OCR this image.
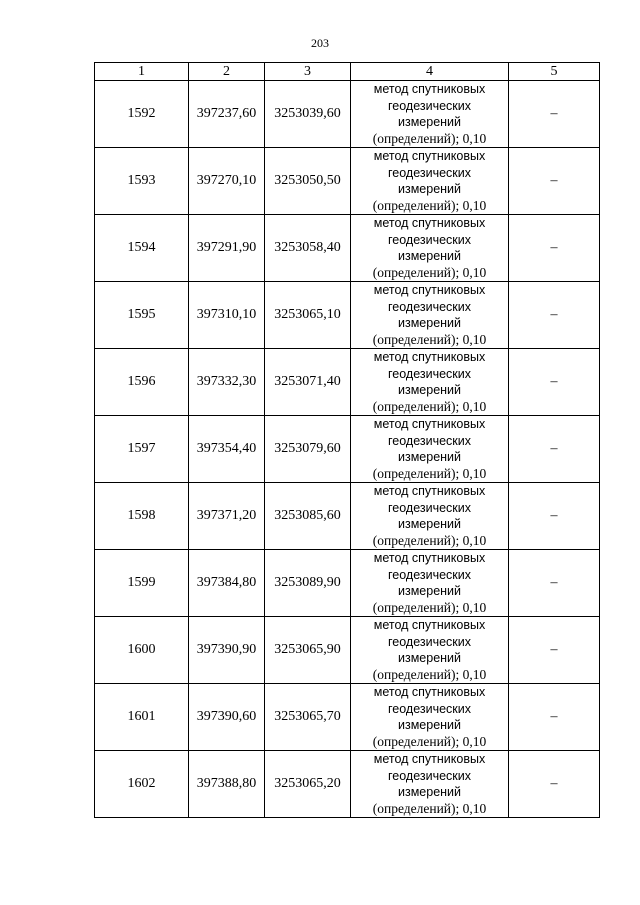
203
1	2	3	4	5
1592	397237,60	3253039,60	метод спутниковых
геодезических
измерений
(определений); 0,10	–
1593	397270,10	3253050,50	метод спутниковых
геодезических
измерений
(определений); 0,10	–
1594	397291,90	3253058,40	метод спутниковых
геодезических
измерений
(определений); 0,10	–
1595	397310,10	3253065,10	метод спутниковых
геодезических
измерений
(определений); 0,10	–
1596	397332,30	3253071,40	метод спутниковых
геодезических
измерений
(определений); 0,10	–
1597	397354,40	3253079,60	метод спутниковых
геодезических
измерений
(определений); 0,10	–
1598	397371,20	3253085,60	метод спутниковых
геодезических
измерений
(определений); 0,10	–
1599	397384,80	3253089,90	метод спутниковых
геодезических
измерений
(определений); 0,10	–
1600	397390,90	3253065,90	метод спутниковых
геодезических
измерений
(определений); 0,10	–
1601	397390,60	3253065,70	метод спутниковых
геодезических
измерений
(определений); 0,10	–
1602	397388,80	3253065,20	метод спутниковых
геодезических
измерений
(определений); 0,10	–
